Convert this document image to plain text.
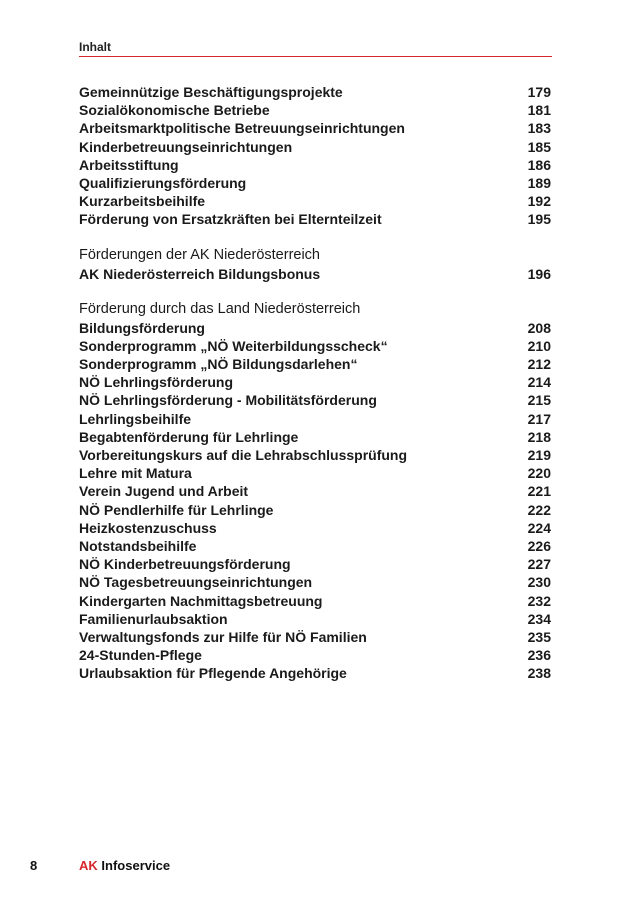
Inhalt
Gemeinnützige Beschäftigungsprojekte	179
Sozialökonomische Betriebe	181
Arbeitsmarktpolitische Betreuungseinrichtungen	183
Kinderbetreuungseinrichtungen	185
Arbeitsstiftung	186
Qualifizierungsförderung	189
Kurzarbeitsbeihilfe	192
Förderung von Ersatzkräften bei Elternteilzeit	195
Förderungen der AK Niederösterreich
AK Niederösterreich Bildungsbonus	196
Förderung durch das Land Niederösterreich
Bildungsförderung	208
Sonderprogramm „NÖ Weiterbildungsscheck“	210
Sonderprogramm „NÖ Bildungsdarlehen“	212
NÖ Lehrlingsförderung	214
NÖ Lehrlingsförderung - Mobilitätsförderung	215
Lehrlingsbeihilfe	217
Begabtenförderung für Lehrlinge	218
Vorbereitungskurs auf die Lehrabschlussprüfung	219
Lehre mit Matura	220
Verein Jugend und Arbeit	221
NÖ Pendlerhilfe für Lehrlinge	222
Heizkostenzuschuss	224
Notstandsbeihilfe	226
NÖ Kinderbetreuungsförderung	227
NÖ Tagesbetreuungseinrichtungen	230
Kindergarten Nachmittagsbetreuung	232
Familienurlaubsaktion	234
Verwaltungsfonds zur Hilfe für NÖ Familien	235
24-Stunden-Pflege	236
Urlaubsaktion für Pflegende Angehörige	238
8	AK Infoservice
